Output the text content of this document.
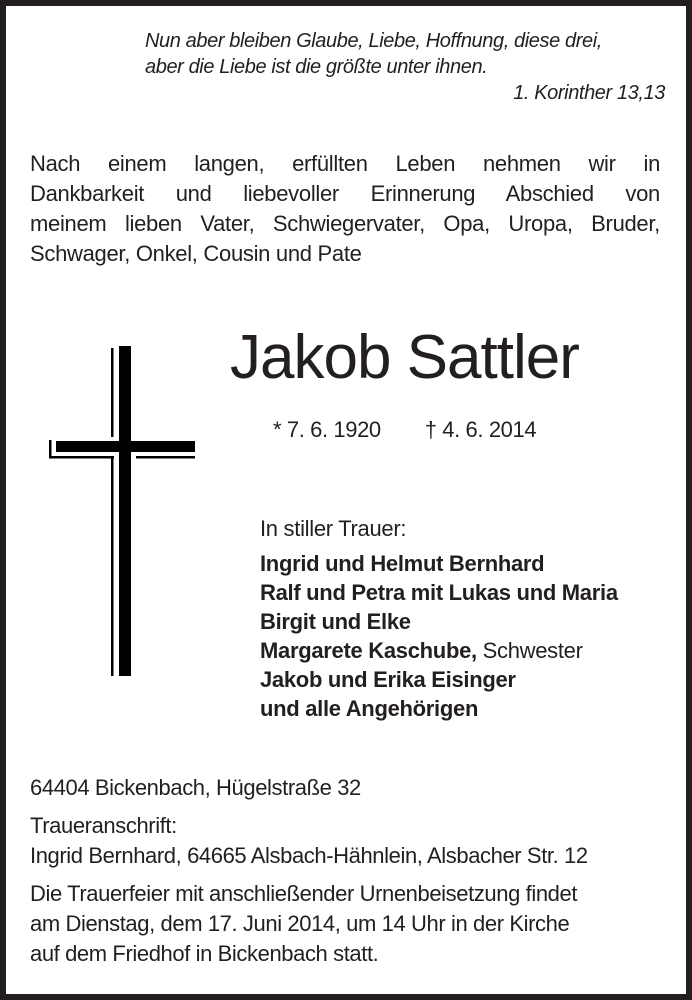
Nun aber bleiben Glaube, Liebe, Hoffnung, diese drei,
aber die Liebe ist die größte unter ihnen.
1. Korinther 13,13
Nach einem langen, erfüllten Leben nehmen wir in
Dankbarkeit und liebevoller Erinnerung Abschied von
meinem lieben Vater, Schwiegervater, Opa, Uropa, Bruder,
Schwager, Onkel, Cousin und Pate
Jakob Sattler
* 7. 6. 1920 † 4. 6. 2014
In stiller Trauer:
Ingrid und Helmut Bernhard
Ralf und Petra mit Lukas und Maria
Birgit und Elke
Margarete Kaschube, Schwester
Jakob und Erika Eisinger
und alle Angehörigen
64404 Bickenbach, Hügelstraße 32
Traueranschrift:
Ingrid Bernhard, 64665 Alsbach-Hähnlein, Alsbacher Str. 12
Die Trauerfeier mit anschließender Urnenbeisetzung findet
am Dienstag, dem 17. Juni 2014, um 14 Uhr in der Kirche
auf dem Friedhof in Bickenbach statt.
